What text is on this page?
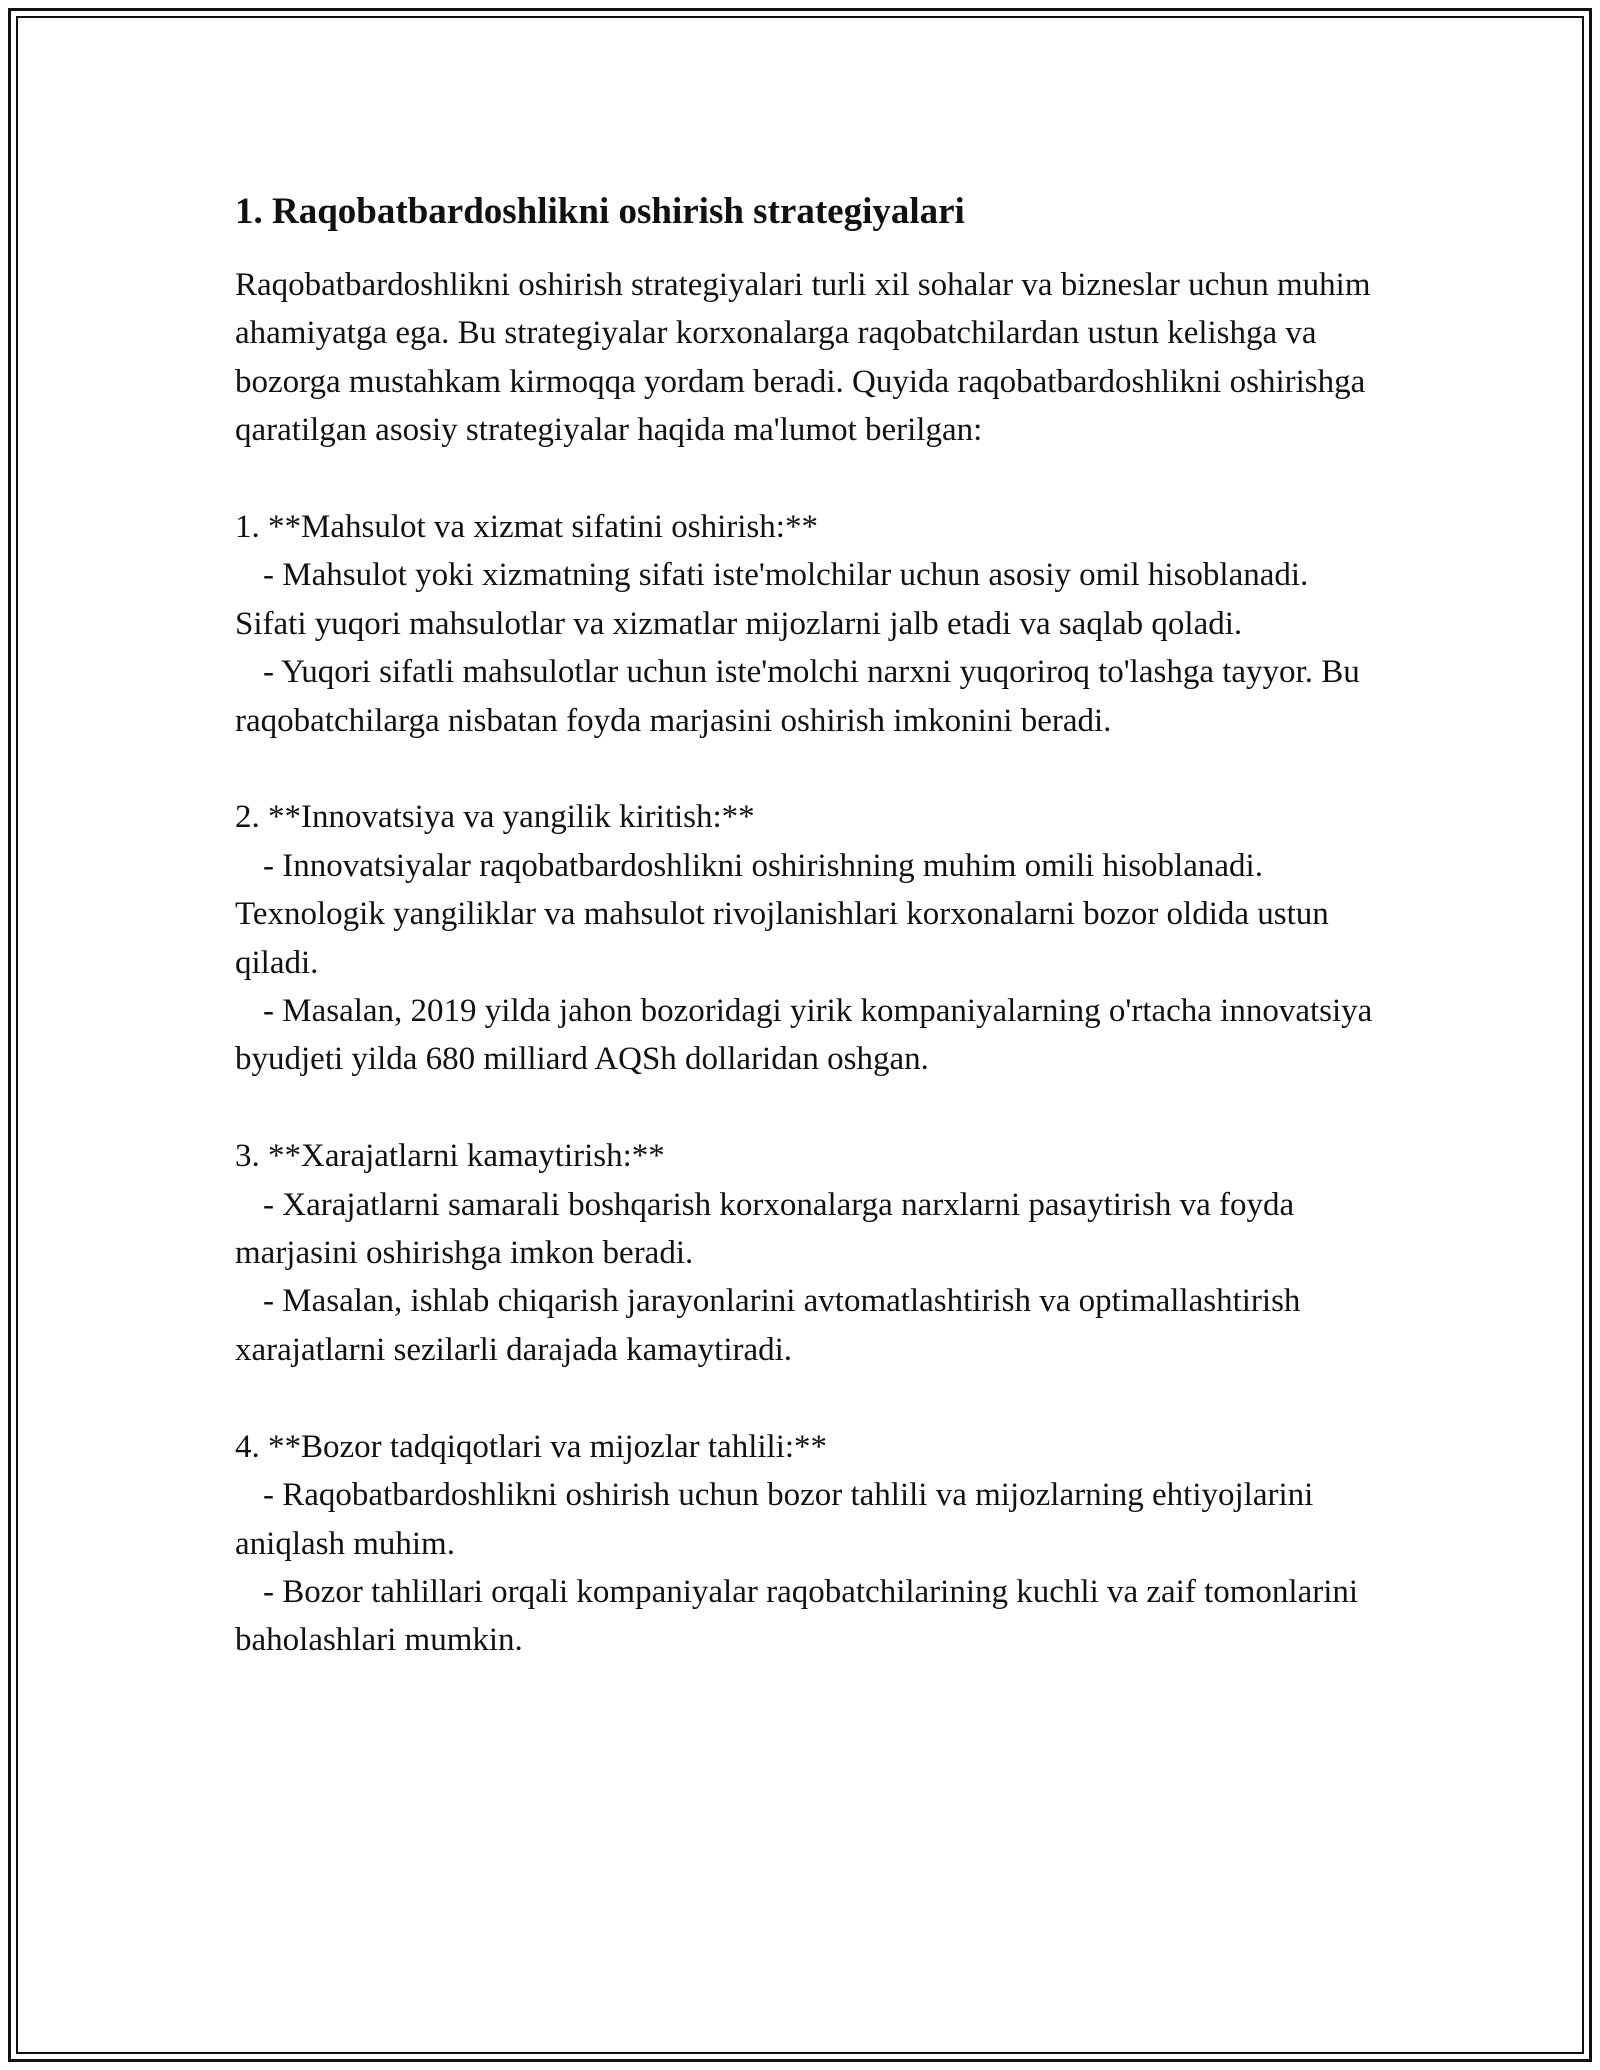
1. Raqobatbardoshlikni oshirish strategiyalari

Raqobatbardoshlikni oshirish strategiyalari turli xil sohalar va bizneslar uchun muhim ahamiyatga ega. Bu strategiyalar korxonalarga raqobatchilardan ustun kelishga va bozorga mustahkam kirmoqqa yordam beradi. Quyida raqobatbardoshlikni oshirishga qaratilgan asosiy strategiyalar haqida ma'lumot berilgan:

1. **Mahsulot va xizmat sifatini oshirish:**

- Mahsulot yoki xizmatning sifati iste'molchilar uchun asosiy omil hisoblanadi. Sifati yuqori mahsulotlar va xizmatlar mijozlarni jalb etadi va saqlab qoladi.

- Yuqori sifatli mahsulotlar uchun iste'molchi narxni yuqoriroq to'lashga tayyor. Bu raqobatchilarga nisbatan foyda marjasini oshirish imkonini beradi.

2. **Innovatsiya va yangilik kiritish:**

- Innovatsiyalar raqobatbardoshlikni oshirishning muhim omili hisoblanadi. Texnologik yangiliklar va mahsulot rivojlanishlari korxonalarni bozor oldida ustun qiladi.

- Masalan, 2019 yilda jahon bozoridagi yirik kompaniyalarning o'rtacha innovatsiya byudjeti yilda 680 milliard AQSh dollaridan oshgan.

3. **Xarajatlarni kamaytirish:**

- Xarajatlarni samarali boshqarish korxonalarga narxlarni pasaytirish va foyda marjasini oshirishga imkon beradi.

- Masalan, ishlab chiqarish jarayonlarini avtomatlashtirish va optimallashtirish xarajatlarni sezilarli darajada kamaytiradi.

4. **Bozor tadqiqotlari va mijozlar tahlili:**

- Raqobatbardoshlikni oshirish uchun bozor tahlili va mijozlarning ehtiyojlarini aniqlash muhim.

- Bozor tahlillari orqali kompaniyalar raqobatchilarining kuchli va zaif tomonlarini baholashlari mumkin.
